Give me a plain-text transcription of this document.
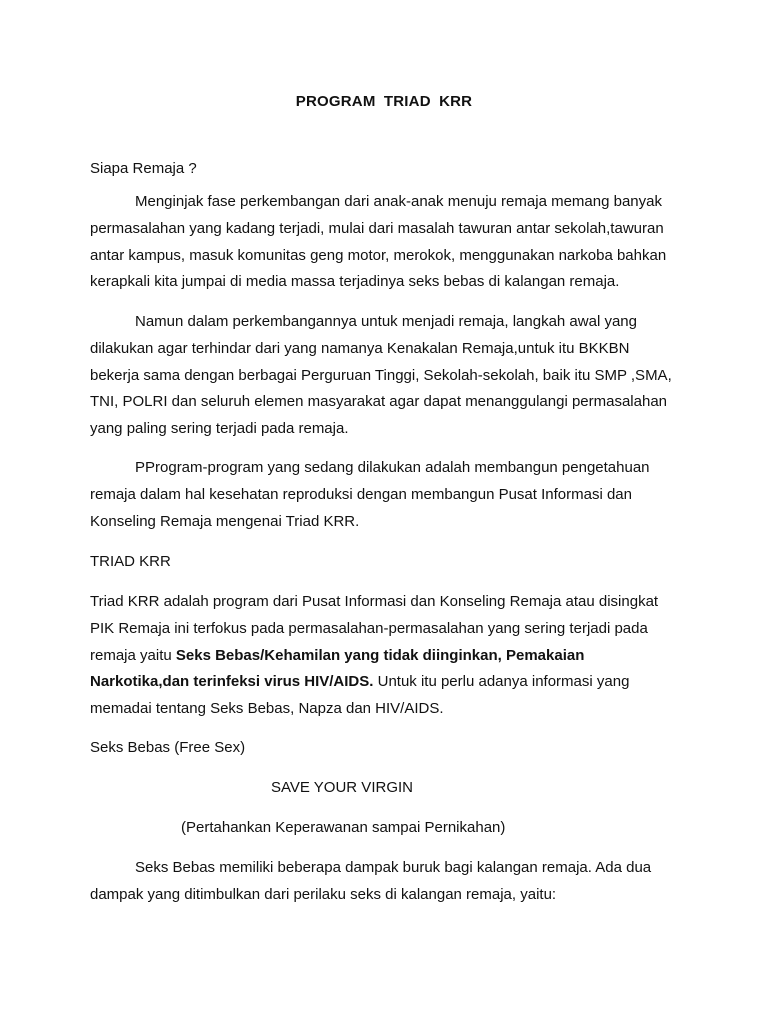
PROGRAM TRIAD KRR
Siapa Remaja ?
Menginjak fase perkembangan dari anak-anak menuju remaja memang banyak
permasalahan yang kadang terjadi, mulai dari masalah tawuran antar sekolah,tawuran
antar kampus, masuk komunitas geng motor, merokok, menggunakan narkoba bahkan
kerapkali kita jumpai di media massa terjadinya seks bebas di kalangan remaja.
Namun dalam perkembangannya untuk menjadi remaja, langkah awal yang
dilakukan agar terhindar dari yang namanya Kenakalan Remaja,untuk itu BKKBN
bekerja sama dengan berbagai Perguruan Tinggi, Sekolah-sekolah, baik itu SMP ,SMA,
TNI, POLRI dan seluruh elemen masyarakat agar dapat menanggulangi permasalahan
yang paling sering terjadi pada remaja.
PProgram-program yang sedang dilakukan adalah membangun pengetahuan
remaja dalam hal kesehatan reproduksi dengan membangun Pusat Informasi dan
Konseling Remaja mengenai Triad KRR.
TRIAD KRR
Triad KRR adalah program dari Pusat Informasi dan Konseling Remaja atau disingkat
PIK Remaja ini terfokus pada permasalahan-permasalahan yang sering terjadi pada
remaja yaitu Seks Bebas/Kehamilan yang tidak diinginkan, Pemakaian
Narkotika,dan terinfeksi virus HIV/AIDS. Untuk itu perlu adanya informasi yang
memadai tentang Seks Bebas, Napza dan HIV/AIDS.
Seks Bebas (Free Sex)
SAVE YOUR VIRGIN
(Pertahankan Keperawanan sampai Pernikahan)
Seks Bebas memiliki beberapa dampak buruk bagi kalangan remaja. Ada dua
dampak yang ditimbulkan dari perilaku seks di kalangan remaja, yaitu:
